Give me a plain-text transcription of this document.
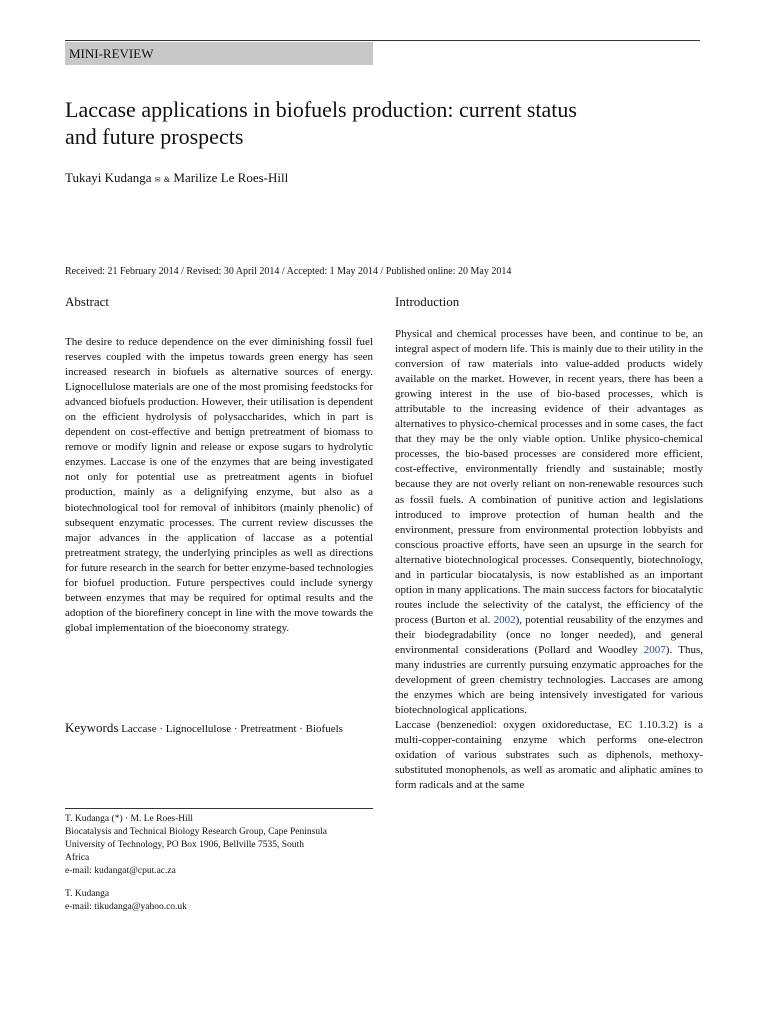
MINI-REVIEW
Laccase applications in biofuels production: current status
and future prospects
Tukayi Kudanga ✉ & Marilize Le Roes-Hill
Received: 21 February 2014 / Revised: 30 April 2014 / Accepted: 1 May 2014 / Published online: 20 May 2014
Abstract

The desire to reduce dependence on the ever diminishing fossil fuel reserves coupled with the impetus towards green energy has seen increased research in biofuels as alternative sources of energy. Lignocellulose materials are one of the most promising feedstocks for advanced biofuels production. However, their utilisation is dependent on the efficient hydrolysis of polysaccharides, which in part is dependent on cost-effective and benign pretreatment of biomass to remove or modify lignin and release or expose sugars to hydrolytic enzymes. Laccase is one of the enzymes that are being investigated not only for potential use as pretreatment agents in biofuel production, mainly as a delignifying enzyme, but also as a biotechnological tool for removal of inhibitors (mainly phenolic) of subsequent enzymatic processes. The current review discusses the major advances in the application of laccase as a potential pretreatment strategy, the underlying principles as well as directions for future research in the search for better enzyme-based technologies for biofuel production. Future perspectives could include synergy between enzymes that may be required for optimal results and the adoption of the biorefinery concept in line with the move towards the global implementation of the bioeconomy strategy.

Keywords Laccase · Lignocellulose · Pretreatment · Biofuels
Introduction

Physical and chemical processes have been, and continue to be, an integral aspect of modern life. This is mainly due to their utility in the conversion of raw materials into value-added products widely available on the market. However, in recent years, there has been a growing interest in the use of bio-based processes, which is attributable to the increasing evidence of their advantages as alternatives to physico-chemical processes and in some cases, the fact that they may be the only viable option. Unlike physico-chemical processes, the bio-based processes are considered more efficient, cost-effective, environmentally friendly and sustainable; mostly because they are not overly reliant on non-renewable resources such as fossil fuels. A combination of punitive action and legislations introduced to improve protection of human health and the environment, pressure from environmental protection lobbyists and conscious proactive efforts, have seen an upsurge in the search for alternative biotechnological processes. Consequently, biotechnology, and in particular biocatalysis, is now established as an important option in many applications. The main success factors for biocatalytic routes include the selectivity of the catalyst, the efficiency of the process (Burton et al. 2002), potential reusability of the enzymes and their biodegradability (once no longer needed), and general environmental considerations (Pollard and Woodley 2007). Thus, many industries are currently pursuing enzymatic approaches for the development of green chemistry technologies. Laccases are among the enzymes which are being intensively investigated for various biotechnological applications.

Laccase (benzenediol: oxygen oxidoreductase, EC 1.10.3.2) is a multi-copper-containing enzyme which performs one-electron oxidation of various substrates such as diphenols, methoxy-substituted monophenols, as well as aromatic and aliphatic amines to form radicals and at the same

T. Kudanga (*) · M. Le Roes-Hill
Biocatalysis and Technical Biology Research Group, Cape Peninsula
University of Technology, PO Box 1906, Bellville 7535, South
Africa
e-mail: kudangat@cput.ac.za
T. Kudanga
e-mail: tikudanga@yahoo.co.uk
